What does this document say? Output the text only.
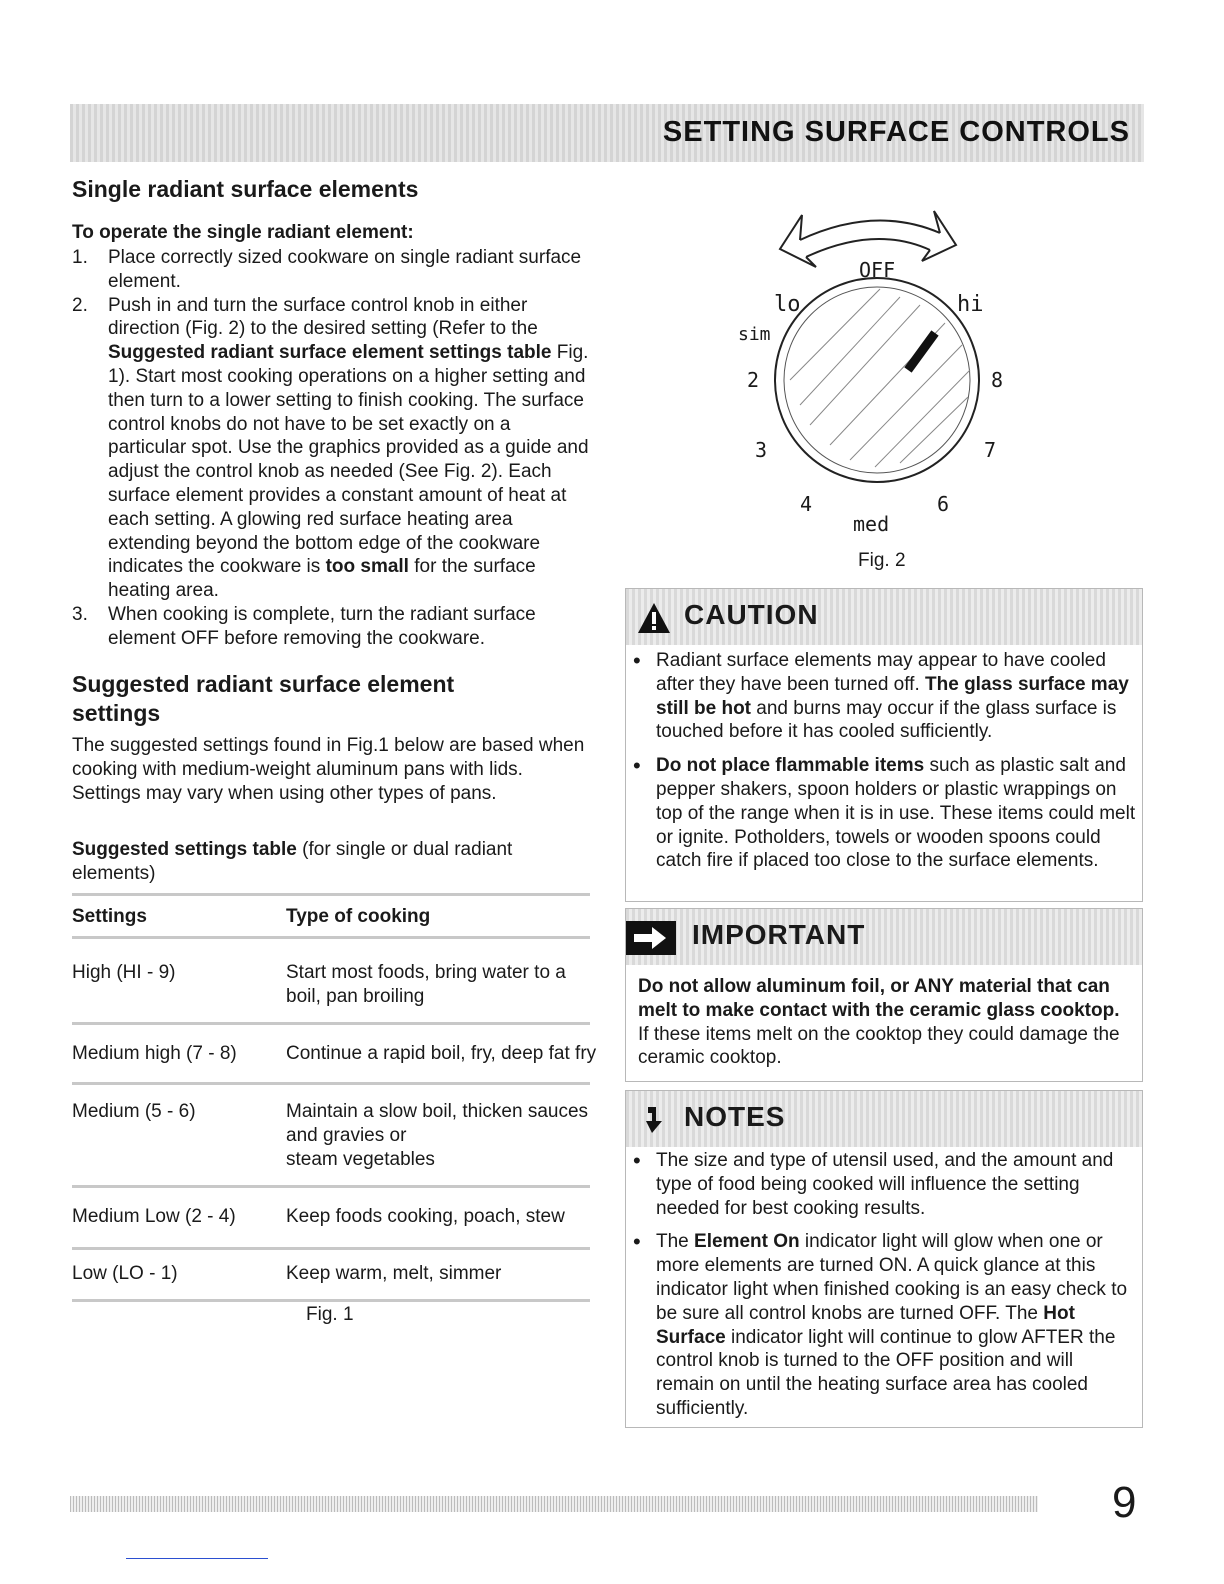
SETTING SURFACE CONTROLS
Single radiant surface elements
To operate the single radiant element:
1. Place correctly sized cookware on single radiant surface element.
2. Push in and turn the surface control knob in either direction (Fig. 2) to the desired setting (Refer to the Suggested radiant surface element settings table Fig. 1). Start most cooking operations on a higher setting and then turn to a lower setting to finish cooking. The surface control knobs do not have to be set exactly on a particular spot. Use the graphics provided as a guide and adjust the control knob as needed (See Fig. 2). Each surface element provides a constant amount of heat at each setting. A glowing red surface heating area extending beyond the bottom edge of the cookware indicates the cookware is too small for the surface heating area.
3. When cooking is complete, turn the radiant surface element OFF before removing the cookware.
Suggested radiant surface element
settings

The suggested settings found in Fig.1 below are based when cooking with medium-weight aluminum pans with lids. Settings may vary when using other types of pans.

Suggested settings table (for single or dual radiant elements)

Settings	Type of cooking
High (HI - 9)	Start most foods, bring water to a boil, pan broiling
Medium high (7 - 8)	Continue a rapid boil, fry, deep fat fry
Medium (5 - 6)	Maintain a slow boil, thicken sauces and gravies or
steam vegetables
Medium Low (2 - 4)	Keep foods cooking, poach, stew
Low (LO - 1)	Keep warm, melt, simmer
Fig. 1
OFF
lo	hi
sim
2	8
3	7
4	6
med
Fig. 2
CAUTION

• Radiant surface elements may appear to have cooled after they have been turned off. The glass surface may still be hot and burns may occur if the glass surface is touched before it has cooled sufficiently.

• Do not place flammable items such as plastic salt and pepper shakers, spoon holders or plastic wrappings on top of the range when it is in use. These items could melt or ignite. Potholders, towels or wooden spoons could catch fire if placed too close to the surface elements.

IMPORTANT

Do not allow aluminum foil, or ANY material that can melt to make contact with the ceramic glass cooktop. If these items melt on the cooktop they could damage the ceramic cooktop.

NOTES

• The size and type of utensil used, and the amount and type of food being cooked will influence the setting needed for best cooking results.

• The Element On indicator light will glow when one or more elements are turned ON. A quick glance at this indicator light when finished cooking is an easy check to be sure all control knobs are turned OFF. The Hot Surface indicator light will continue to glow AFTER the control knob is turned to the OFF position and will remain on until the heating surface area has cooled sufficiently.

9
